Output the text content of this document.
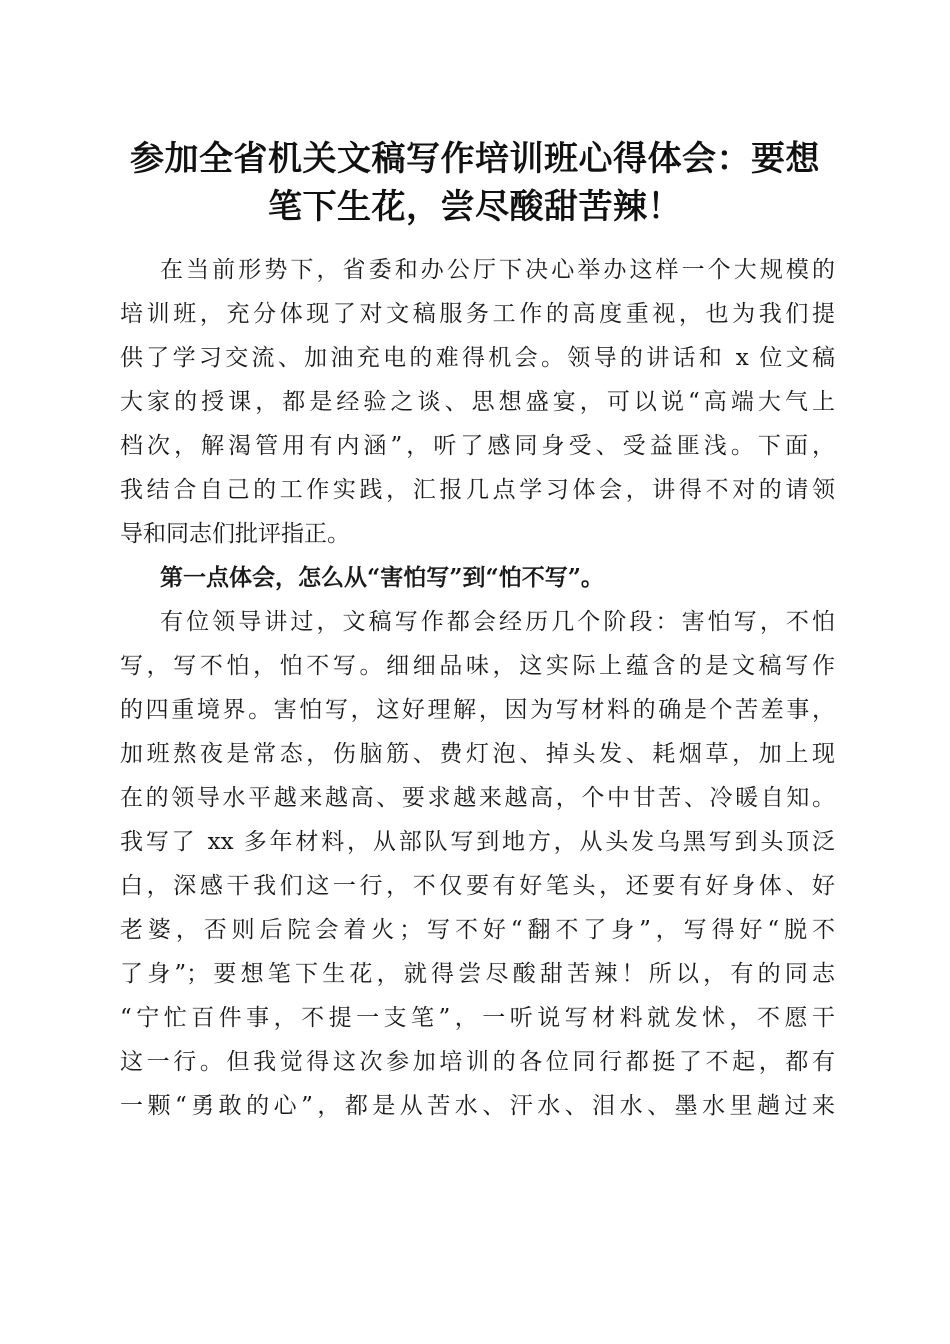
参加全省机关文稿写作培训班心得体会：要想
笔下生花，尝尽酸甜苦辣！

在当前形势下，省委和办公厅下决心举办这样一个大规模的

培训班，充分体现了对文稿服务工作的高度重视，也为我们提

供了学习交流、加油充电的难得机会。领导的讲话和 x 位文稿

大家的授课，都是经验之谈、思想盛宴，可以说“高端大气上

档次，解渴管用有内涵”，听了感同身受、受益匪浅。下面，

我结合自己的工作实践，汇报几点学习体会，讲得不对的请领

导和同志们批评指正。

第一点体会，怎么从“害怕写”到“怕不写”。

有位领导讲过，文稿写作都会经历几个阶段：害怕写，不怕

写，写不怕，怕不写。细细品味，这实际上蕴含的是文稿写作

的四重境界。害怕写，这好理解，因为写材料的确是个苦差事，

加班熬夜是常态，伤脑筋、费灯泡、掉头发、耗烟草，加上现

在的领导水平越来越高、要求越来越高，个中甘苦、冷暖自知。

我写了 xx 多年材料，从部队写到地方，从头发乌黑写到头顶泛

白，深感干我们这一行，不仅要有好笔头，还要有好身体、好

老婆，否则后院会着火；写不好“翻不了身”，写得好“脱不

了身”；要想笔下生花，就得尝尽酸甜苦辣！所以，有的同志

“宁忙百件事，不提一支笔”，一听说写材料就发怵，不愿干

这一行。但我觉得这次参加培训的各位同行都挺了不起，都有

一颗“勇敢的心”，都是从苦水、汗水、泪水、墨水里趟过来
